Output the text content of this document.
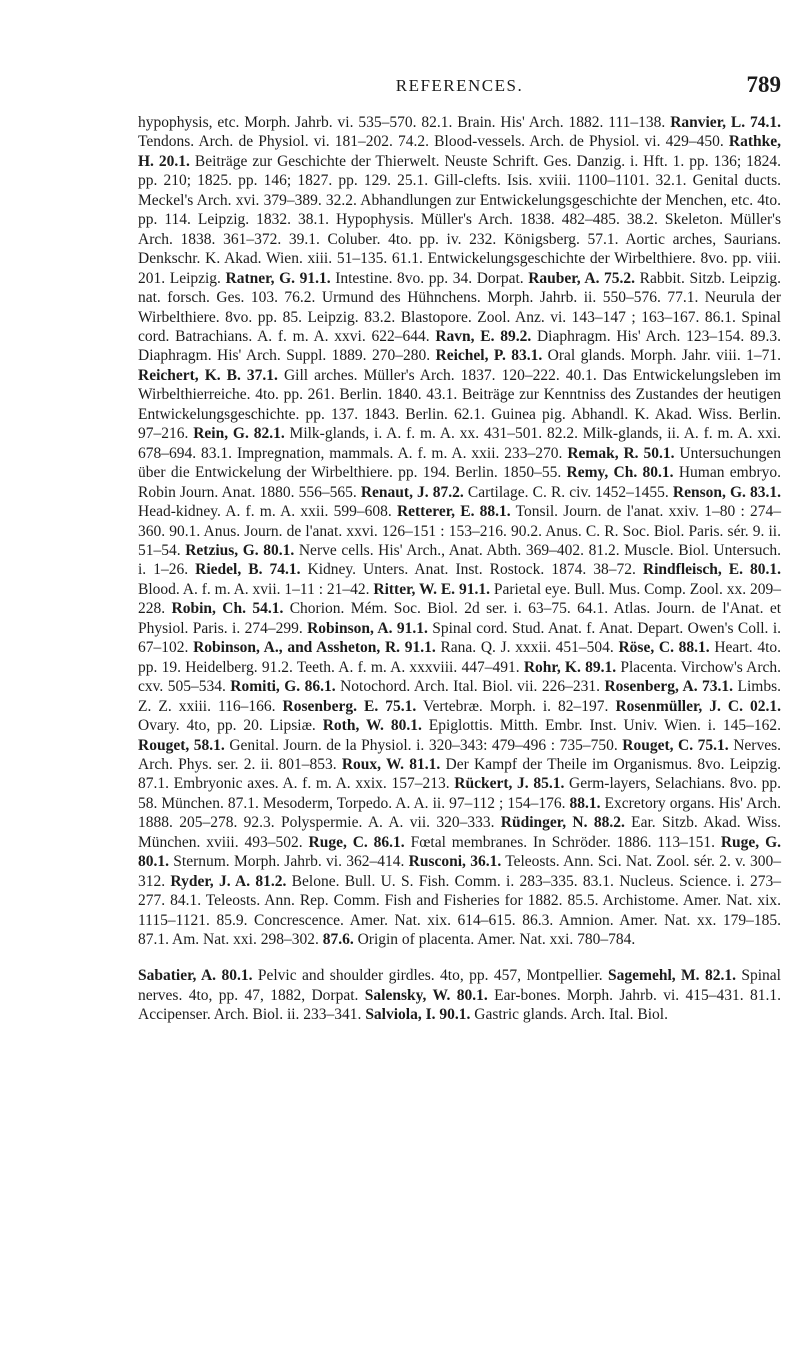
REFERENCES.	789

hypophysis, etc. Morph. Jahrb. vi. 535–570. 82.1. Brain. His' Arch. 1882. 111–138. Ranvier, L. 74.1. Tendons. Arch. de Physiol. vi. 181–202. 74.2. Blood-vessels. Arch. de Physiol. vi. 429–450. Rathke, H. 20.1. Beiträge zur Geschichte der Thierwelt. Neuste Schrift. Ges. Danzig. i. Hft. 1. pp. 136; 1824. pp. 210; 1825. pp. 146; 1827. pp. 129. 25.1. Gill-clefts. Isis. xviii. 1100–1101. 32.1. Genital ducts. Meckel's Arch. xvi. 379–389. 32.2. Abhandlungen zur Entwickelungsgeschichte der Menchen, etc. 4to. pp. 114. Leipzig. 1832. 38.1. Hypophysis. Müller's Arch. 1838. 482–485. 38.2. Skeleton. Müller's Arch. 1838. 361–372. 39.1. Coluber. 4to. pp. iv. 232. Königsberg. 57.1. Aortic arches, Saurians. Denkschr. K. Akad. Wien. xiii. 51–135. 61.1. Entwickelungsgeschichte der Wirbelthiere. 8vo. pp. viii. 201. Leipzig. Ratner, G. 91.1. Intestine. 8vo. pp. 34. Dorpat. Rauber, A. 75.2. Rabbit. Sitzb. Leipzig. nat. forsch. Ges. 103. 76.2. Urmund des Hühnchens. Morph. Jahrb. ii. 550–576. 77.1. Neurula der Wirbelthiere. 8vo. pp. 85. Leipzig. 83.2. Blastopore. Zool. Anz. vi. 143–147 ; 163–167. 86.1. Spinal cord. Batrachians. A. f. m. A. xxvi. 622–644. Ravn, E. 89.2. Diaphragm. His' Arch. 123–154. 89.3. Diaphragm. His' Arch. Suppl. 1889. 270–280. Reichel, P. 83.1. Oral glands. Morph. Jahr. viii. 1–71. Reichert, K. B. 37.1. Gill arches. Müller's Arch. 1837. 120–222. 40.1. Das Entwickelungsleben im Wirbelthierreiche. 4to. pp. 261. Berlin. 1840. 43.1. Beiträge zur Kenntniss des Zustandes der heutigen Entwickelungsgeschichte. pp. 137. 1843. Berlin. 62.1. Guinea pig. Abhandl. K. Akad. Wiss. Berlin. 97–216. Rein, G. 82.1. Milk-glands, i. A. f. m. A. xx. 431–501. 82.2. Milk-glands, ii. A. f. m. A. xxi. 678–694. 83.1. Impregnation, mammals. A. f. m. A. xxii. 233–270. Remak, R. 50.1. Untersuchungen über die Entwickelung der Wirbelthiere. pp. 194. Berlin. 1850–55. Remy, Ch. 80.1. Human embryo. Robin Journ. Anat. 1880. 556–565. Renaut, J. 87.2. Cartilage. C. R. civ. 1452–1455. Renson, G. 83.1. Head-kidney. A. f. m. A. xxii. 599–608. Retterer, E. 88.1. Tonsil. Journ. de l'anat. xxiv. 1–80 : 274–360. 90.1. Anus. Journ. de l'anat. xxvi. 126–151 : 153–216. 90.2. Anus. C. R. Soc. Biol. Paris. sér. 9. ii. 51–54. Retzius, G. 80.1. Nerve cells. His' Arch., Anat. Abth. 369–402. 81.2. Muscle. Biol. Untersuch. i. 1–26. Riedel, B. 74.1. Kidney. Unters. Anat. Inst. Rostock. 1874. 38–72. Rindfleisch, E. 80.1. Blood. A. f. m. A. xvii. 1–11 : 21–42. Ritter, W. E. 91.1. Parietal eye. Bull. Mus. Comp. Zool. xx. 209–228. Robin, Ch. 54.1. Chorion. Mém. Soc. Biol. 2d ser. i. 63–75. 64.1. Atlas. Journ. de l'Anat. et Physiol. Paris. i. 274–299. Robinson, A. 91.1. Spinal cord. Stud. Anat. f. Anat. Depart. Owen's Coll. i. 67–102. Robinson, A., and Assheton, R. 91.1. Rana. Q. J. xxxii. 451–504. Röse, C. 88.1. Heart. 4to. pp. 19. Heidelberg. 91.2. Teeth. A. f. m. A. xxxviii. 447–491. Rohr, K. 89.1. Placenta. Virchow's Arch. cxv. 505–534. Romiti, G. 86.1. Notochord. Arch. Ital. Biol. vii. 226–231. Rosenberg, A. 73.1. Limbs. Z. Z. xxiii. 116–166. Rosenberg. E. 75.1. Vertebræ. Morph. i. 82–197. Rosenmüller, J. C. 02.1. Ovary. 4to, pp. 20. Lipsiæ. Roth, W. 80.1. Epiglottis. Mitth. Embr. Inst. Univ. Wien. i. 145–162. Rouget, 58.1. Genital. Journ. de la Physiol. i. 320–343: 479–496 : 735–750. Rouget, C. 75.1. Nerves. Arch. Phys. ser. 2. ii. 801–853. Roux, W. 81.1. Der Kampf der Theile im Organismus. 8vo. Leipzig. 87.1. Embryonic axes. A. f. m. A. xxix. 157–213. Rückert, J. 85.1. Germ-layers, Selachians. 8vo. pp. 58. München. 87.1. Mesoderm, Torpedo. A. A. ii. 97–112 ; 154–176. 88.1. Excretory organs. His' Arch. 1888. 205–278. 92.3. Polyspermie. A. A. vii. 320–333. Rüdinger, N. 88.2. Ear. Sitzb. Akad. Wiss. München. xviii. 493–502. Ruge, C. 86.1. Fœtal membranes. In Schröder. 1886. 113–151. Ruge, G. 80.1. Sternum. Morph. Jahrb. vi. 362–414. Rusconi, 36.1. Teleosts. Ann. Sci. Nat. Zool. sér. 2. v. 300–312. Ryder, J. A. 81.2. Belone. Bull. U. S. Fish. Comm. i. 283–335. 83.1. Nucleus. Science. i. 273–277. 84.1. Teleosts. Ann. Rep. Comm. Fish and Fisheries for 1882. 85.5. Archistome. Amer. Nat. xix. 1115–1121. 85.9. Concrescence. Amer. Nat. xix. 614–615. 86.3. Amnion. Amer. Nat. xx. 179–185. 87.1. Am. Nat. xxi. 298–302. 87.6. Origin of placenta. Amer. Nat. xxi. 780–784.

Sabatier, A. 80.1. Pelvic and shoulder girdles. 4to, pp. 457, Montpellier. Sagemehl, M. 82.1. Spinal nerves. 4to, pp. 47, 1882, Dorpat. Salensky, W. 80.1. Ear-bones. Morph. Jahrb. vi. 415–431. 81.1. Accipenser. Arch. Biol. ii. 233–341. Salviola, I. 90.1. Gastric glands. Arch. Ital. Biol.
